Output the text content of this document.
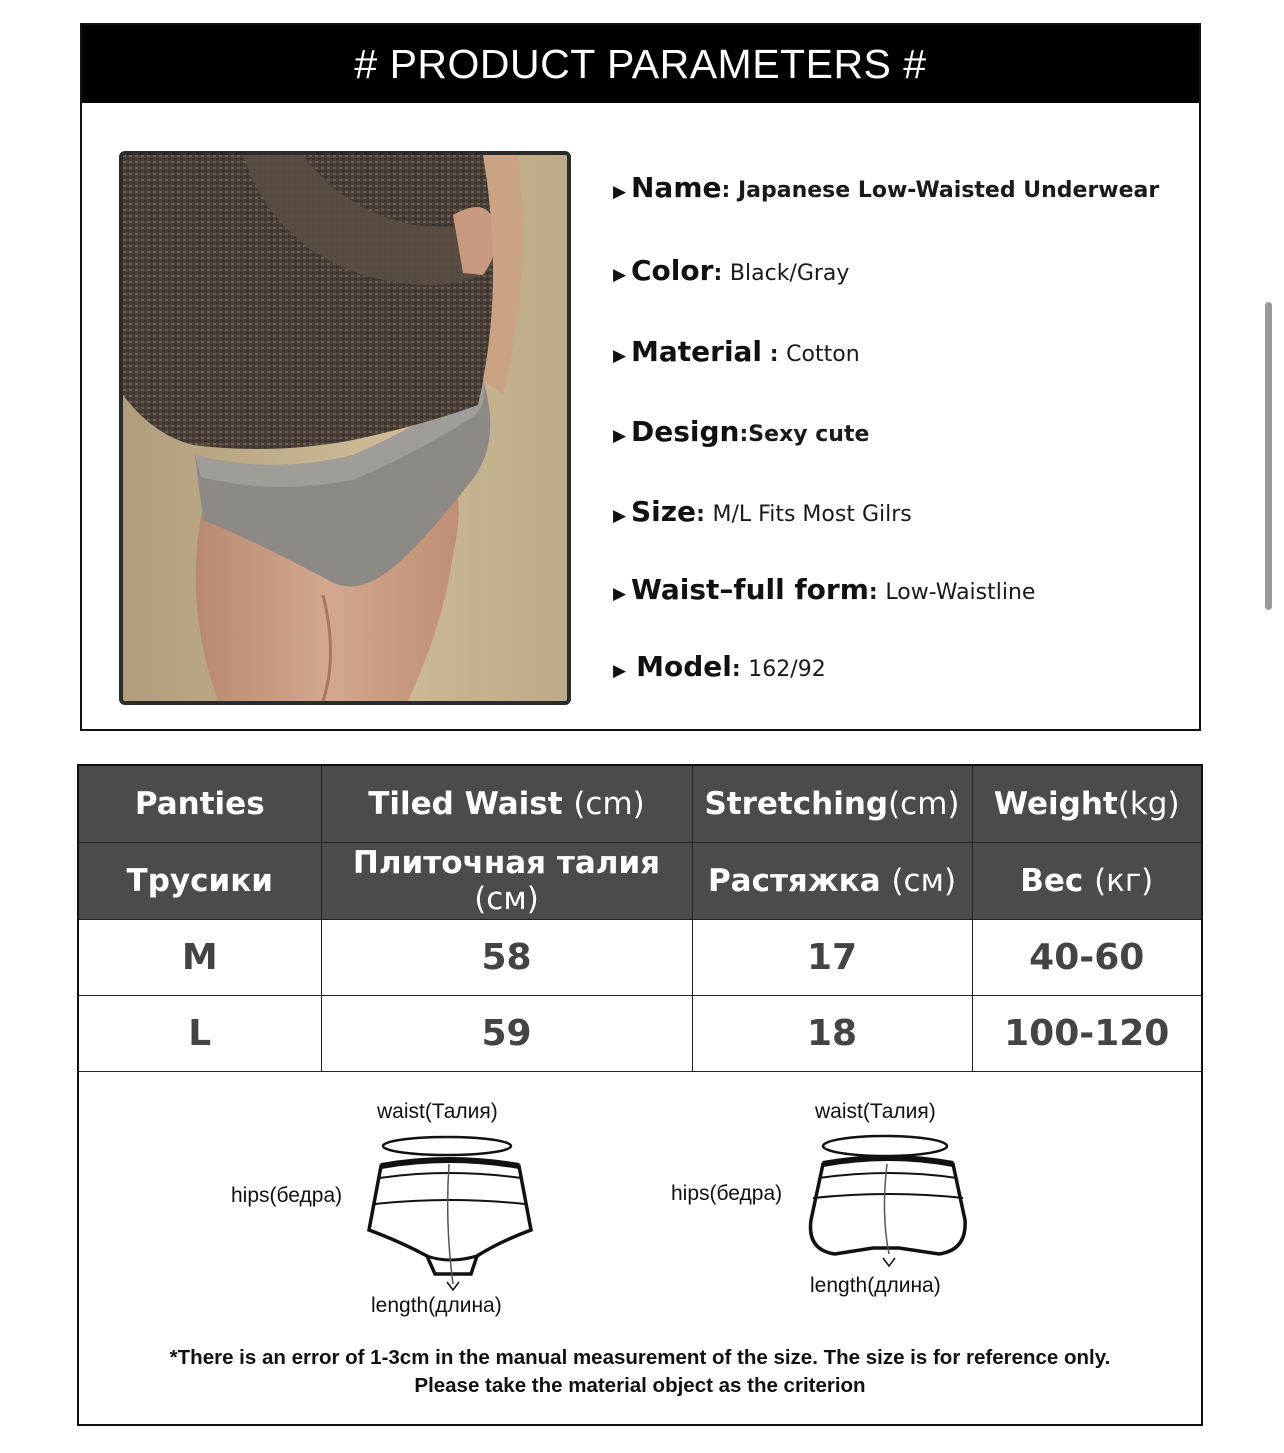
# PRODUCT PARAMETERS #
▶ Name: Japanese Low-Waisted Underwear
▶ Color: Black/Gray
▶ Material : Cotton
▶ Design:Sexy cute
▶ Size: M/L Fits Most Gilrs
▶ Waist–full form: Low-Waistline
▶ Model: 162/92
Panties	Tiled Waist (cm)	Stretching(cm)	Weight(kg)
Трусики	Плиточная талия (см)	Растяжка (см)	Вес (кг)
M	58	17	40-60
L	59	18	100-120
waist(Талия)
hips(бедра)
length(длина)
waist(Талия)
hips(бедра)
length(длина)
*There is an error of 1-3cm in the manual measurement of the size. The size is for reference only.
Please take the material object as the criterion
